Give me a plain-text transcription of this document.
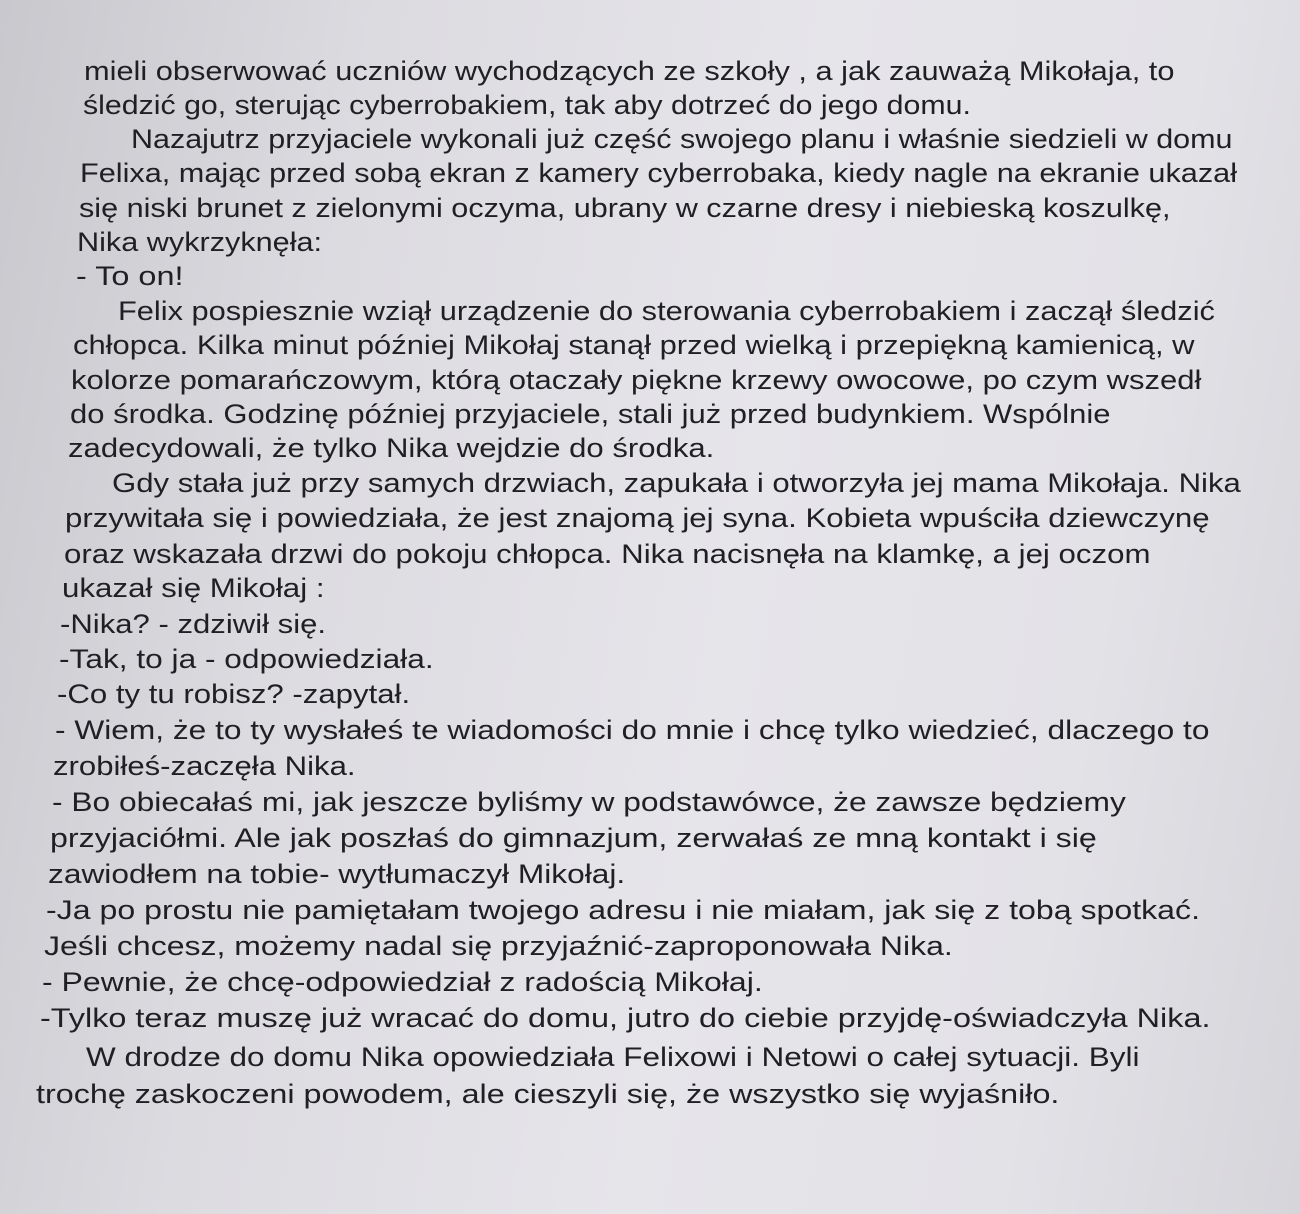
mieli obserwować uczniów wychodzących ze szkoły , a jak zauważą Mikołaja, to

śledzić go, sterując cyberrobakiem, tak aby dotrzeć do jego domu.

Nazajutrz przyjaciele wykonali już część swojego planu i właśnie siedzieli w domu

Felixa, mając przed sobą ekran z kamery cyberrobaka, kiedy nagle na ekranie ukazał

się niski brunet z zielonymi oczyma, ubrany w czarne dresy i niebieską koszulkę,

Nika wykrzyknęła:

- To on!

Felix pospiesznie wziął urządzenie do sterowania cyberrobakiem i zaczął śledzić

chłopca. Kilka minut później Mikołaj stanął przed wielką i przepiękną kamienicą, w

kolorze pomarańczowym, którą otaczały piękne krzewy owocowe, po czym wszedł

do środka. Godzinę później przyjaciele, stali już przed budynkiem. Wspólnie

zadecydowali, że tylko Nika wejdzie do środka.

Gdy stała już przy samych drzwiach, zapukała i otworzyła jej mama Mikołaja. Nika

przywitała się i powiedziała, że jest znajomą jej syna. Kobieta wpuściła dziewczynę

oraz wskazała drzwi do pokoju chłopca. Nika nacisnęła na klamkę, a jej oczom

ukazał się Mikołaj :

-Nika? - zdziwił się.

-Tak, to ja - odpowiedziała.

-Co ty tu robisz? -zapytał.

- Wiem, że to ty wysłałeś te wiadomości do mnie i chcę tylko wiedzieć, dlaczego to

zrobiłeś-zaczęła Nika.

- Bo obiecałaś mi, jak jeszcze byliśmy w podstawówce, że zawsze będziemy

przyjaciółmi. Ale jak poszłaś do gimnazjum, zerwałaś ze mną kontakt i się

zawiodłem na tobie- wytłumaczył Mikołaj.

-Ja po prostu nie pamiętałam twojego adresu i nie miałam, jak się z tobą spotkać.

Jeśli chcesz, możemy nadal się przyjaźnić-zaproponowała Nika.

- Pewnie, że chcę-odpowiedział z radością Mikołaj.

-Tylko teraz muszę już wracać do domu, jutro do ciebie przyjdę-oświadczyła Nika.

W drodze do domu Nika opowiedziała Felixowi i Netowi o całej sytuacji. Byli

trochę zaskoczeni powodem, ale cieszyli się, że wszystko się wyjaśniło.
